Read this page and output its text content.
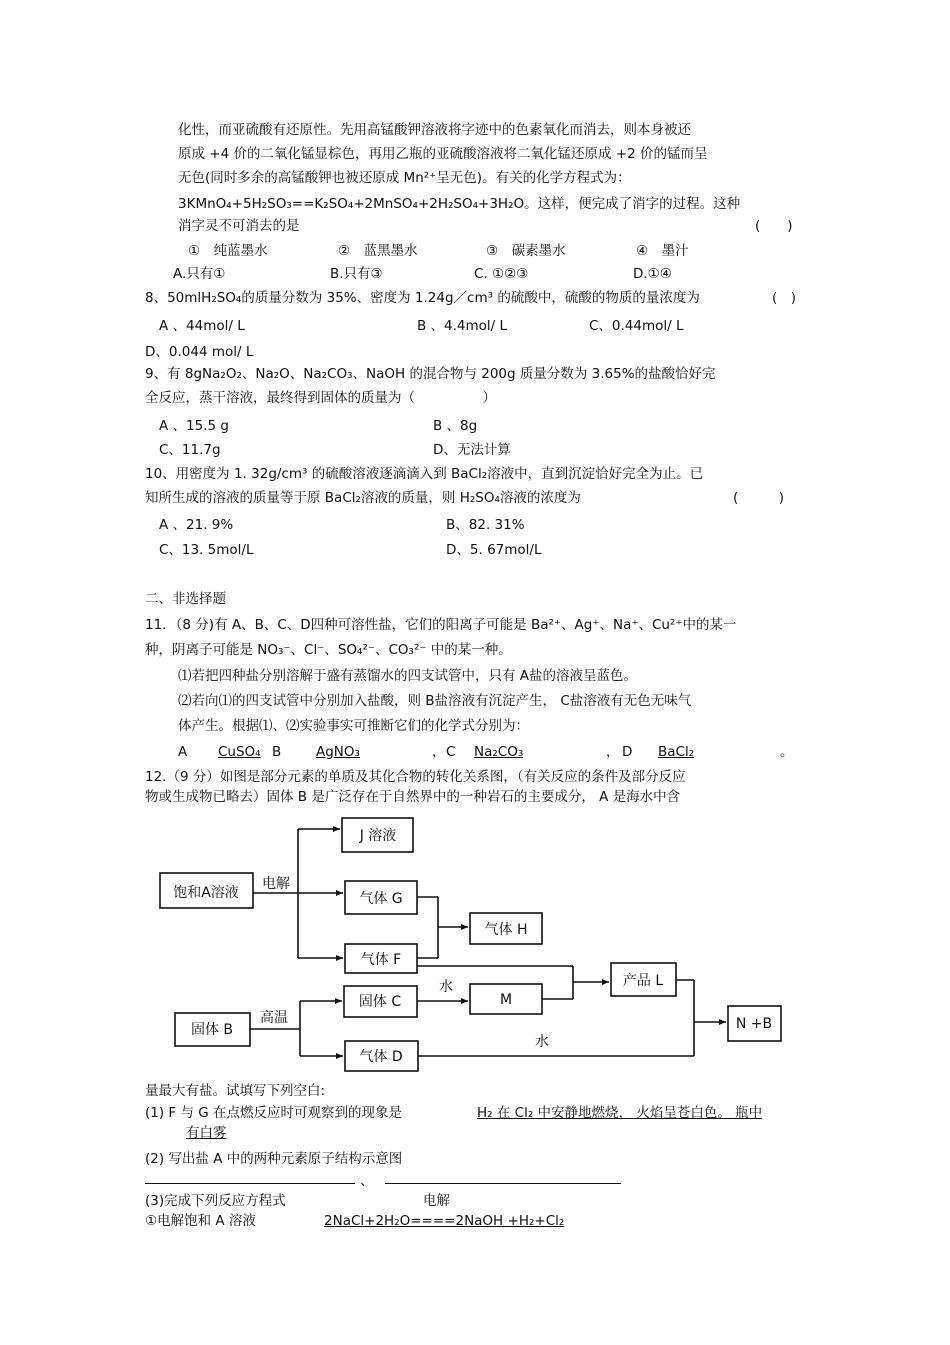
化性，而亚硫酸有还原性。先用高锰酸钾溶液将字迹中的色素氧化而消去，则本身被还
原成 +4 价的二氧化锰显棕色，再用乙瓶的亚硫酸溶液将二氧化锰还原成 +2 价的锰而呈
无色(同时多余的高锰酸钾也被还原成 Mn²⁺呈无色)。有关的化学方程式为：
3KMnO₄+5H₂SO₃==K₂SO₄+2MnSO₄+2H₂SO₄+3H₂O。这样，便完成了消字的过程。这种
消字灵不可消去的是	(　　)
①　纯蓝墨水	②　蓝黑墨水	③　碳素墨水	④　墨汁
A.只有①	B.只有③	C. ①②③	D.①④
8、50mlH₂SO₄的质量分数为 35%、密度为 1.24g／cm³ 的硫酸中，硫酸的物质的量浓度为	(　)
A 、44mol/ L	B 、4.4mol/ L	C、0.44mol/ L
D、0.044 mol/ L
9、有 8gNa₂O₂、Na₂O、Na₂CO₃、NaOH 的混合物与 200g 质量分数为 3.65%的盐酸恰好完
全反应，蒸干溶液，最终得到固体的质量为（　　　　　）
A 、15.5 g	B 、8g
C、11.7g	D、无法计算
10、用密度为 1. 32g/cm³ 的硫酸溶液逐滴滴入到 BaCl₂溶液中，直到沉淀恰好完全为止。已
知所生成的溶液的质量等于原 BaCl₂溶液的质量，则 H₂SO₄溶液的浓度为	(　　　)
A 、21. 9%	B、82. 31%
C、13. 5mol/L	D、5. 67mol/L
二、非选择题
11．（8 分)有 A、B、C、D四种可溶性盐，它们的阳离子可能是 Ba²⁺、Ag⁺、Na⁺、Cu²⁺中的某一
种，阴离子可能是 NO₃⁻、Cl⁻、SO₄²⁻、CO₃²⁻ 中的某一种。
⑴若把四种盐分别溶解于盛有蒸馏水的四支试管中，只有 A盐的溶液呈蓝色。
⑵若向⑴的四支试管中分别加入盐酸，则 B盐溶液有沉淀产生， C盐溶液有无色无味气
体产生。根据⑴、⑵实验事实可推断它们的化学式分别为：
A	CuSO₄ B	AgNO₃	， C	Na₂CO₃	， D	BaCl₂	。
12.（9 分）如图是部分元素的单质及其化合物的转化关系图，（有关反应的条件及部分反应
物或生成物已略去）固体 B 是广泛存在于自然界中的一种岩石的主要成分， A 是海水中含
饱和A溶液
电解
J 溶液
气体 G
气体 H
气体 F
产品 L
水
M
固体 C
固体 B
高温	N +B
气体 D
水
量最大有盐。试填写下列空白:
(1) F 与 G 在点燃反应时可观察到的现象是	H₂ 在 Cl₂ 中安静地燃烧， 火焰呈苍白色。 瓶中
有白雾
(2) 写出盐 A 中的两种元素原子结构示意图
、
(3)完成下列反应方程式	电解
①电解饱和 A 溶液	2NaCl+2H₂O====2NaOH +H₂+Cl₂
